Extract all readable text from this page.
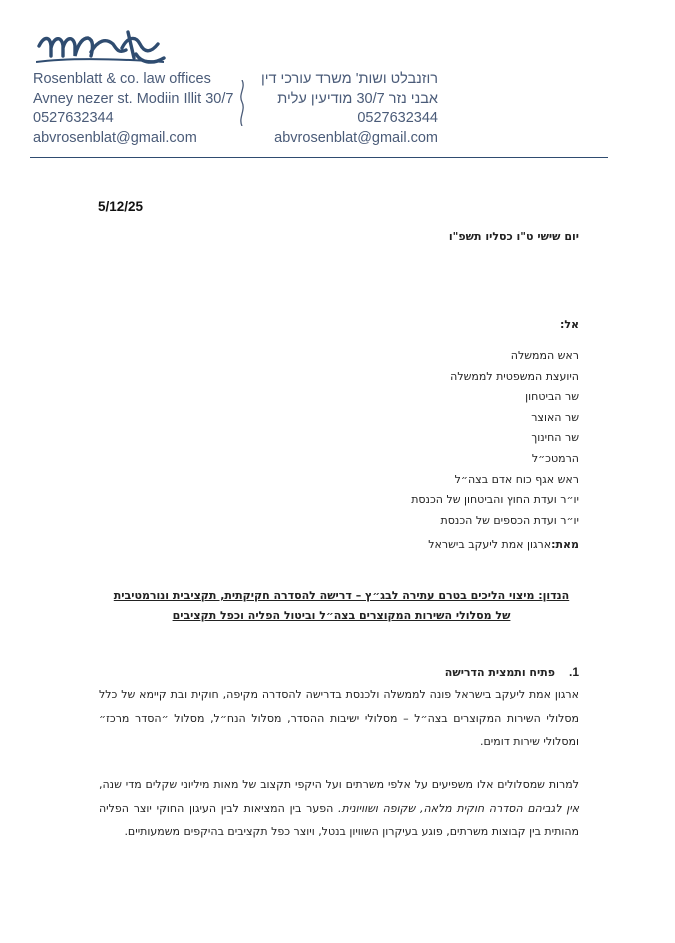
Rosenblatt & co. law offices
Avney nezer st. Modiin Illit 30/7
0527632344
abvrosenblat@gmail.com
רוזנבלט ושות' משרד עורכי דין
אבני נזר 30/7 מודיעין עלית
0527632344
abvrosenblat@gmail.com
5/12/25
יום שישי ט"ו כסליו תשפ"ו
אל:
ראש הממשלה
היועצת המשפטית לממשלה
שר הביטחון
שר האוצר
שר החינוך
הרמטכ״ל
ראש אגף כוח אדם בצה״ל
יו״ר ועדת החוץ והביטחון של הכנסת
יו״ר ועדת הכספים של הכנסת
מאת:ארגון אמת ליעקב בישראל
הנדון: מיצוי הליכים בטרם עתירה לבג״ץ – דרישה להסדרה חקיקתית, תקציבית ונורמטיבית
של מסלולי השירות המקוצרים בצה״ל וביטול הפליה וכפל תקציבים
1.פתיח ותמצית הדרישה
ארגון אמת ליעקב בישראל פונה לממשלה ולכנסת בדרישה להסדרה מקיפה, חוקית ובת קיימא של כלל מסלולי השירות המקוצרים בצה״ל – מסלולי ישיבות ההסדר, מסלול הנח״ל, מסלול ״הסדר מרכז״ ומסלולי שירות דומים.
למרות שמסלולים אלו משפיעים על אלפי משרתים ועל היקפי תקצוב של מאות מיליוני שקלים מדי שנה, אין לגביהם הסדרה חוקית מלאה, שקופה ושוויונית. הפער בין המציאות לבין העיגון החוקי יוצר הפליה מהותית בין קבוצות משרתים, פוגע בעיקרון השוויון בנטל, ויוצר כפל תקציבים בהיקפים משמעותיים.
